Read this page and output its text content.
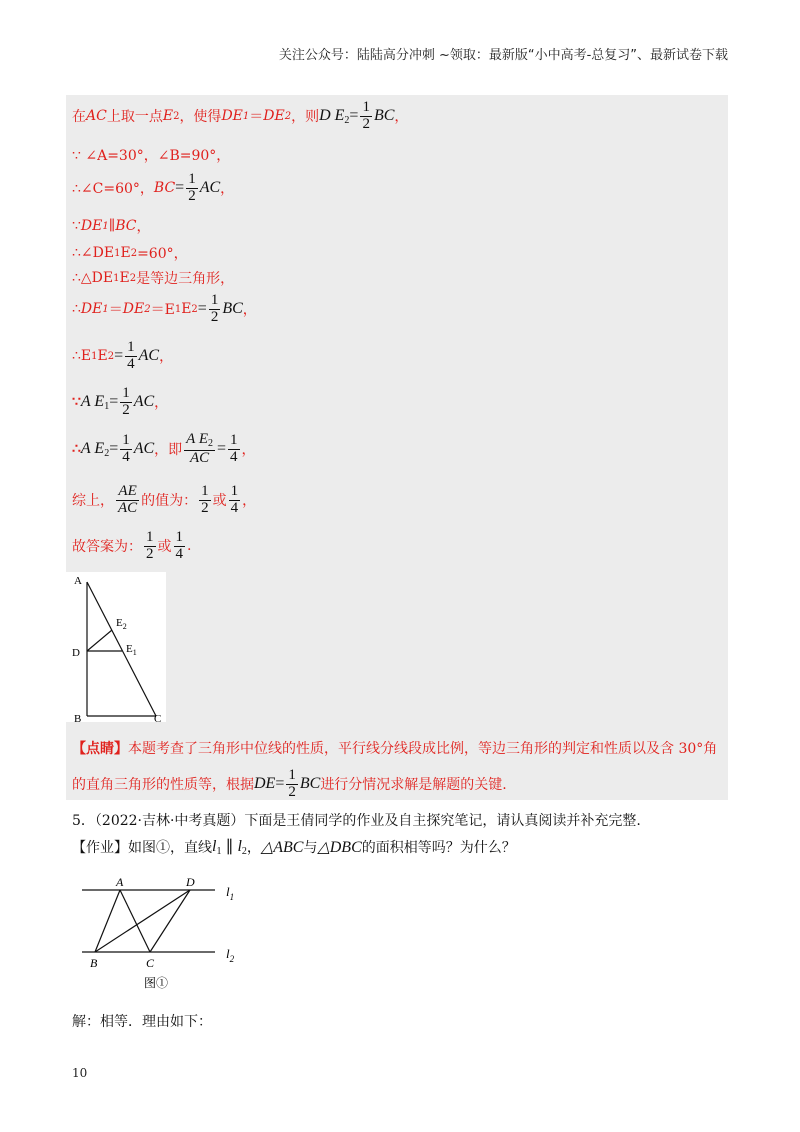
关注公众号：陆陆高分冲刺 ~领取：最新版“小中高考-总复习”、最新试卷下载
在 AC 上取一点 E 2 ，使得 DE 1 ＝ DE 2 ，则 D $E_2= \frac{1}{2}$ BC ，
∵ ∠A=30°，∠B=90°，
∴∠C=60°， BC = $\frac{1}{2}$ AC ，
∵ DE 1 ∥ BC ，
∴∠DE 1 E 2 =60°，
∴△DE 1 E 2 是等边三角形，
∴ DE 1 ＝ DE 2 ＝E 1 E $2 = \frac{1}{2}$ BC ，
∴E 1 E $2 = \frac{1}{4}$ AC ，
∵ A $E_1= \frac{1}{2}$ AC ，
∴ A $E_2= \frac{1}{4}$ AC ，即 $\frac{A E_2}{AC} = \frac{1}{4}$ ，
综上， $\frac{AE}{AC}$ 的值为： $\frac{1}{2}$ 或 $\frac{1}{4}$ ，
故答案为： $\frac{1}{2}$ 或 $\frac{1}{4}$ .
A
D
B	C
$E_2$
$E_1$
【点睛】 本题考查了三角形中位线的性质，平行线分线段成比例，等边三角形的判定和性质以及含 30°角
的直角三角形的性质等，根据 $DE= \frac{1}{2}$ BC 进行分情况求解是解题的关键.
5．（2022·吉林·中考真题）下面是王倩同学的作业及自主探究笔记，请认真阅读并补充完整.
【作业】如图①，直线 $l_1$ ∥ $l_2$ ， △ABC 与 △DBC 的面积相等吗？为什么？
A	D
B	C
$l_1$
$l_2$
图①
解：相等．理由如下：
10
